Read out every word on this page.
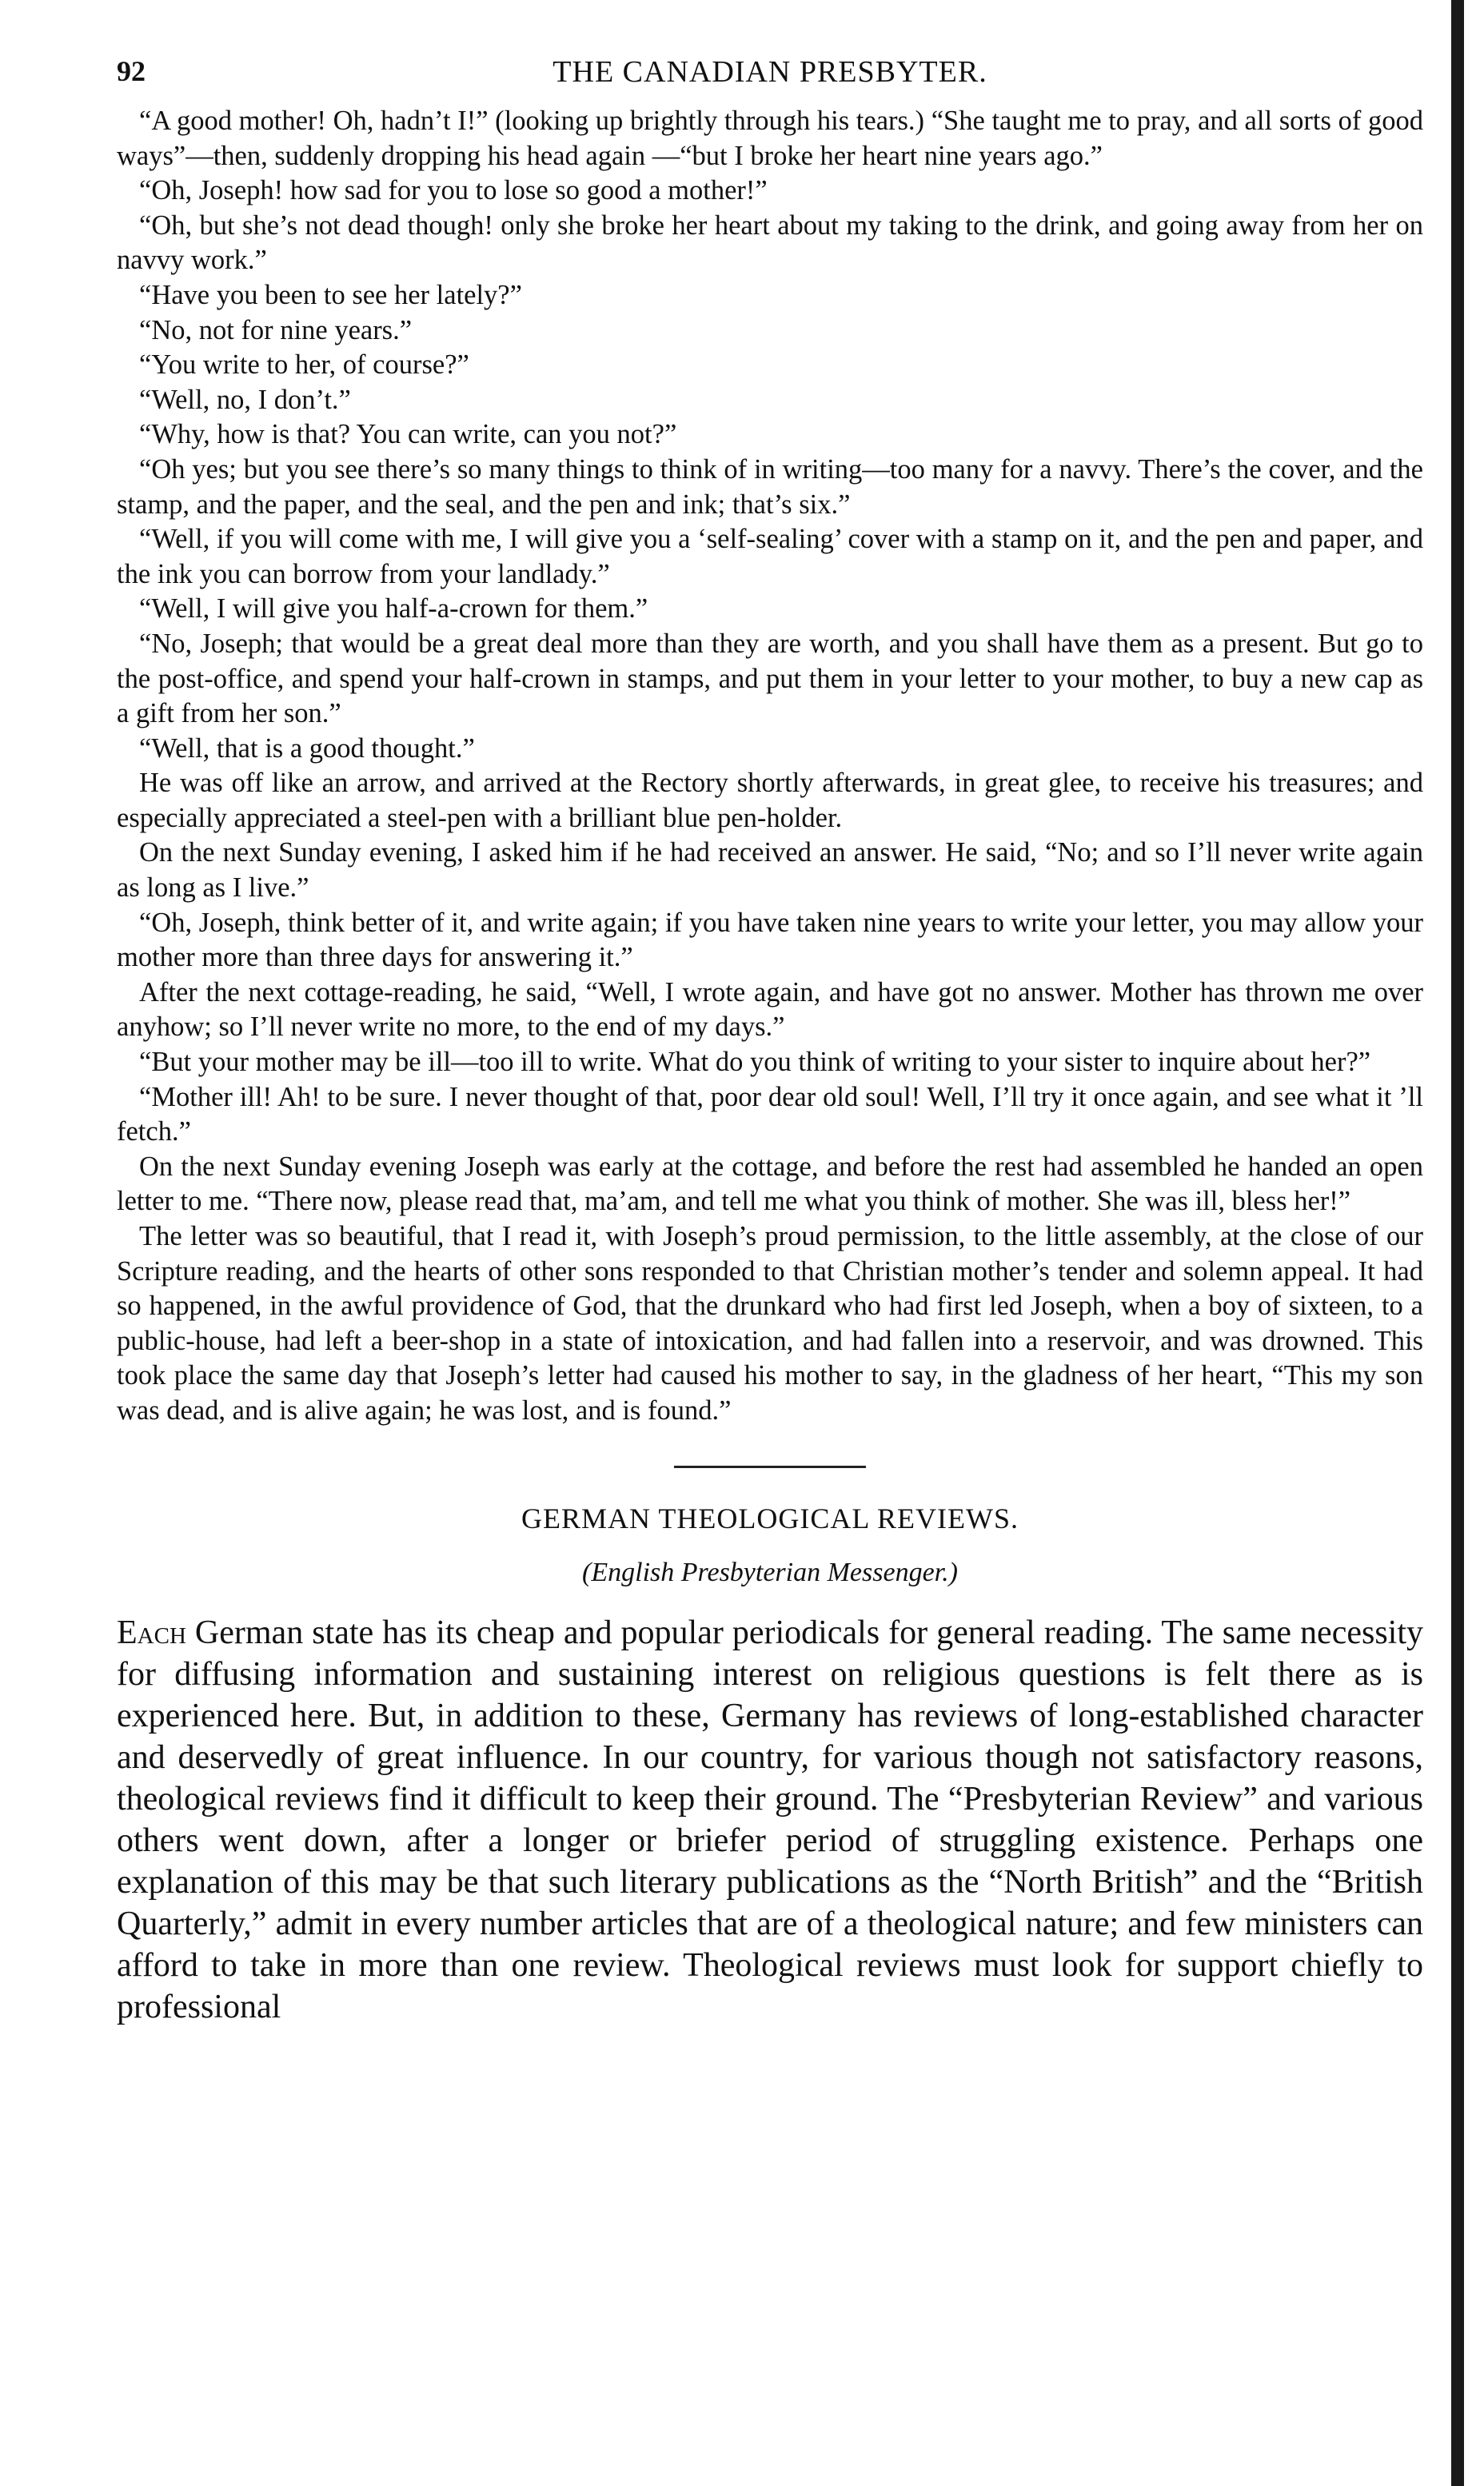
92	THE CANADIAN PRESBYTER.

“A good mother! Oh, hadn’t I!” (looking up brightly through his tears.) “She taught me to pray, and all sorts of good ways”—then, suddenly dropping his head again —“but I broke her heart nine years ago.”

“Oh, Joseph! how sad for you to lose so good a mother!”

“Oh, but she’s not dead though! only she broke her heart about my taking to the drink, and going away from her on navvy work.”

“Have you been to see her lately?”

“No, not for nine years.”

“You write to her, of course?”

“Well, no, I don’t.”

“Why, how is that? You can write, can you not?”

“Oh yes; but you see there’s so many things to think of in writing—too many for a navvy. There’s the cover, and the stamp, and the paper, and the seal, and the pen and ink; that’s six.”

“Well, if you will come with me, I will give you a ‘self-sealing’ cover with a stamp on it, and the pen and paper, and the ink you can borrow from your landlady.”

“Well, I will give you half-a-crown for them.”

“No, Joseph; that would be a great deal more than they are worth, and you shall have them as a present. But go to the post-office, and spend your half-crown in stamps, and put them in your letter to your mother, to buy a new cap as a gift from her son.”

“Well, that is a good thought.”

He was off like an arrow, and arrived at the Rectory shortly afterwards, in great glee, to receive his treasures; and especially appreciated a steel-pen with a brilliant blue pen-holder.

On the next Sunday evening, I asked him if he had received an answer. He said, “No; and so I’ll never write again as long as I live.”

“Oh, Joseph, think better of it, and write again; if you have taken nine years to write your letter, you may allow your mother more than three days for answering it.”

After the next cottage-reading, he said, “Well, I wrote again, and have got no answer. Mother has thrown me over anyhow; so I’ll never write no more, to the end of my days.”

“But your mother may be ill—too ill to write. What do you think of writing to your sister to inquire about her?”

“Mother ill! Ah! to be sure. I never thought of that, poor dear old soul! Well, I’ll try it once again, and see what it ’ll fetch.”

On the next Sunday evening Joseph was early at the cottage, and before the rest had assembled he handed an open letter to me. “There now, please read that, ma’am, and tell me what you think of mother. She was ill, bless her!”

The letter was so beautiful, that I read it, with Joseph’s proud permission, to the little assembly, at the close of our Scripture reading, and the hearts of other sons responded to that Christian mother’s tender and solemn appeal. It had so happened, in the awful providence of God, that the drunkard who had first led Joseph, when a boy of sixteen, to a public-house, had left a beer-shop in a state of intoxication, and had fallen into a reservoir, and was drowned. This took place the same day that Joseph’s letter had caused his mother to say, in the gladness of her heart, “This my son was dead, and is alive again; he was lost, and is found.”

GERMAN THEOLOGICAL REVIEWS.
(English Presbyterian Messenger.)

Each German state has its cheap and popular periodicals for general reading. The same necessity for diffusing information and sustaining interest on religious questions is felt there as is experienced here. But, in addition to these, Germany has reviews of long-established character and deservedly of great influence. In our country, for various though not satisfactory reasons, theological reviews find it difficult to keep their ground. The “Presbyterian Review” and various others went down, after a longer or briefer period of struggling existence. Perhaps one explanation of this may be that such literary publications as the “North British” and the “British Quarterly,” admit in every number articles that are of a theological nature; and few ministers can afford to take in more than one review. Theological reviews must look for support chiefly to professional
